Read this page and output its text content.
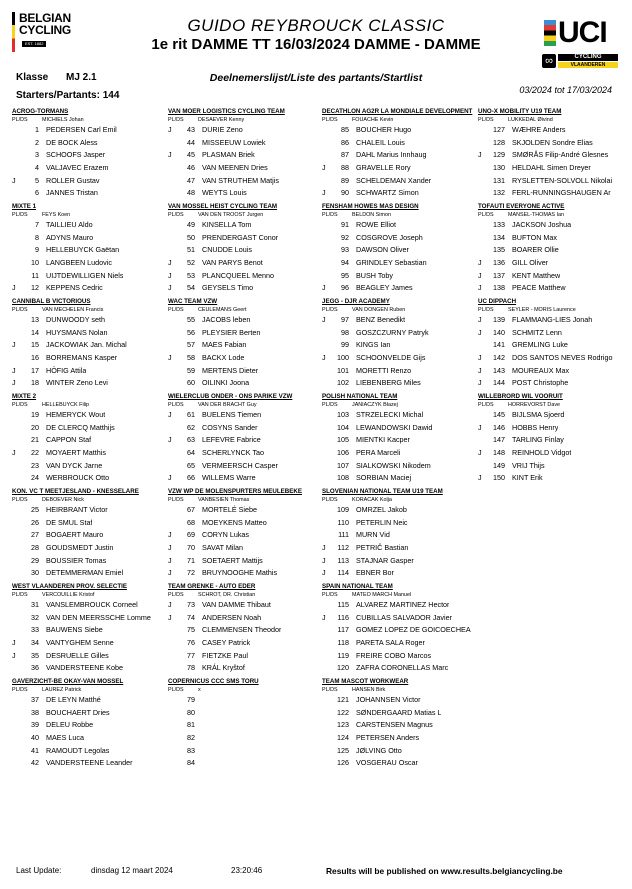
BELGIAN CYCLING
EST. 1882
GUIDO REYBROUCK CLASSIC
1e rit DAMME TT 16/03/2024 DAMME - DAMME	UCI
∞	CYCLING
VLAANDEREN
Klasse MJ 2.1	Deelnemerslijst/Liste des partants/Startlist
03/2024 tot 17/03/2024
Starters/Partants: 144
ACROG-TORMANS
PL/DS	MICHIELS Johan
1 PEDERSEN Carl Emil
2 DE BOCK Aless
3 SCHOOFS Jasper
4 VALJAVEC Erazem
J	5 ROLLER Gustav
6 JANNES Tristan
MIXTE 1
PL/DS	FEYS Koen
7 TAILLIEU Aldo
8 ADYNS Mauro
9 HELLEBUYCK Gaëtan
10 LANGBEEN Ludovic
11 UIJTDEWILLIGEN Niels
J	12 KEPPENS Cedric
CANNIBAL B VICTORIOUS
PL/DS	VAN MECHELEN Francis
13 DUNWOODY seth
14 HUYSMANS Nolan
J	15 JACKOWIAK Jan. Michal
16 BORREMANS Kasper
J	17 HÖFIG Attila
J	18 WINTER Zeno Levi
MIXTE 2
PL/DS	HELLEBUYCK Filip
19 HEMERYCK Wout
20 DE CLERCQ Matthijs
21 CAPPON Staf
J	22 MOYAERT Matthis
23 VAN DYCK Jarne
24 WERBROUCK Otto
KON. VC T MEETJESLAND - KNESSELARE
PL/DS	DEBOEVER Nick
25 HEIRBRANT Victor
26 DE SMUL Staf
27 BOGAERT Mauro
28 GOUDSMEDT Justin
29 BOUSSIER Tomas
30 DETEMMERMAN Emiel
WEST VLAANDEREN PROV. SELECTIE
PL/DS	VERCOUILLIE Kristof
31 VANSLEMBROUCK Corneel
32 VAN DEN MEERSSCHE Lomme
33 BAUWENS Siebe
J	34 VANTYGHEM Senne
J	35 DESRUELLE Gilles
36 VANDERSTEENE Kobe
GAVERZICHT-BE OKAY-VAN MOSSEL
PL/DS	LAUREZ Patrick
37 DE LEYN Matthé
38 BOUCHAERT Dries
39 DELEU Robbe
40 MAES Luca
41 RAMOUDT Legolas
42 VANDERSTEENE Leander
VAN MOER LOGISTICS CYCLING TEAM
PL/DS	DESAEVER Kenny
J	43 DURIE Zeno
44 MISSEEUW Lowiek
J	45 PLASMAN Briek
46 VAN MEENEN Dries
47 VAN STRUTHEM Matjis
48 WEYTS Louis
VAN MOSSEL HEIST CYCLING TEAM
PL/DS	VAN DEN TROOST Jurgen
49 KINSELLA Tom
50 PRENDERGAST Conor
51 CNUDDE Louis
J	52 VAN PARYS Benot
J	53 PLANCQUEEL Menno
J	54 GEYSELS Timo
WAC TEAM VZW
PL/DS	CEULEMANS Geert
55 JACOBS leben
56 PLEYSIER Berten
57 MAES Fabian
J	58 BACKX Lode
59 MERTENS Dieter
60 OILINKI Joona
WIELERCLUB ONDER - ONS PARIKE VZW
PL/DS	VAN DER BRACHT Guy
J	61 BUELENS Tiemen
62 COSYNS Sander
J	63 LEFEVRE Fabrice
64 SCHERLYNCK Tao
65 VERMEERSCH Casper
J	66 WILLEMS Warre
VZW WP DE MOLENSPURTERS MEULEBEKE
PL/DS	VANBESIEN Thomas
67 MORTELÉ Siebe
68 MOEYKENS Matteo
J	69 CORYN Lukas
J	70 SAVAT Milan
J	71 SOETAERT Mattijs
J	72 BRUYNOOGHE Mathis
TEAM GRENKE - AUTO EDER
PL/DS	SCHROT, DR. Christian
J	73 VAN DAMME Thibaut
J	74 ANDERSEN Noah
75 CLEMMENSEN Theodor
76 CASEY Patrick
77 FIETZKE Paul
78 KRÁL Kryštof
COPERNICUS CCC SMS TORU
PL/DS	x
79
80
81
82
83
84
DECATHLON AG2R LA MONDIALE DEVELOPMENT
PL/DS	FOUACHE Kevin
85 BOUCHER Hugo
86 CHALEIL Louis
87 DAHL Marius Innhaug
J	88 GRAVELLE Rory
89 SCHELDEMAN Xander
J	90 SCHWARTZ Simon
FENSHAM HOWES MAS DESIGN
PL/DS	BELDON Simon
91 ROWE Elliot
92 COSGROVE Joseph
93 DAWSON Oliver
94 GRINDLEY Sebastian
95 BUSH Toby
J	96 BEAGLEY James
JEGG - DJR ACADEMY
PL/DS	VAN DONGEN Ruben
J	97 BENZ Benedikt
98 GOSZCZURNY Patryk
99 KINGS Ian
J	100 SCHOONVELDE Gijs
101 MORETTI Renzo
102 LIEBENBERG Miles
POLISH NATIONAL TEAM
PL/DS	JANIACZYK Błazej
103 STRZELECKI Michal
104 LEWANDOWSKI Dawid
105 MIENTKI Kacper
106 PERA Marceli
107 SIALKOWSKI Nikodem
108 SORBIAN Maciej
SLOVENIAN NATIONAL TEAM U19 TEAM
PL/DS	KORACAK Kolja
109 OMRZEL Jakob
110 PETERLIN Neic
111 MURN Vid
J	112 PETRIČ Bastian
J	113 STAJNAR Gasper
J	114 EBNER Bor
SPAIN NATIONAL TEAM
PL/DS	MATEO MARCH Manuel
115 ALVAREZ MARTINEZ Hector
J	116 CUBILLAS SALVADOR Javier
117 GOMEZ LOPEZ DE GOICOECHEA
118 PARETA SALA Roger
119 FREIRE COBO Marcos
120 ZAFRA CORONELLAS Marc
TEAM MASCOT WORKWEAR
PL/DS	HANSEN Birk
121 JOHANNSEN Victor
122 SØNDERGAARD Matias L
123 CARSTENSEN Magnus
124 PETERSEN Anders
125 JØLVING Otto
126 VOSGERAU Oscar
UNO-X MOBILITY U19 TEAM
PL/DS	LUKKEDAL Øivind
127 WÆHRE Anders
128 SKJOLDEN Sondre Elias
J	129 SMØRÅS Filip-André Glesnes
130 HELDAHL Simen Dreyer
131 RYSLETTEN-SOLVOLL Nikolai
132 FERL-RUNNINGSHAUGEN Ar
TOFAUTI EVERYONE ACTIVE
PL/DS	MANSEL-THOMAS Ian
133 JACKSON Joshua
134 BUFTON Max
135 BOARER Ollie
J	136 GILL Oliver
J	137 KENT Matthew
J	138 PEACE Matthew
UC DIPPACH
PL/DS	SEYLER - MORIS Laurence
J	139 FLAMMANG-LIES Jonah
J	140 SCHMITZ Lenn
141 GREMLING Luke
J	142 DOS SANTOS NEVES Rodrigo
J	143 MOUREAUX Max
J	144 POST Christophe
WILLEBRORD WIL VOORUIT
PL/DS	HORREVORST Dave
145 BIJLSMA Sjoerd
J	146 HOBBS Henry
147 TARLING Finlay
J	148 REINHOLD Vidgot
149 VRIJ Thijs
J	150 KINT Erik
Last Update:	dinsdag 12 maart 2024	23:20:46	Results will be published on www.results.belgiancycling.be
